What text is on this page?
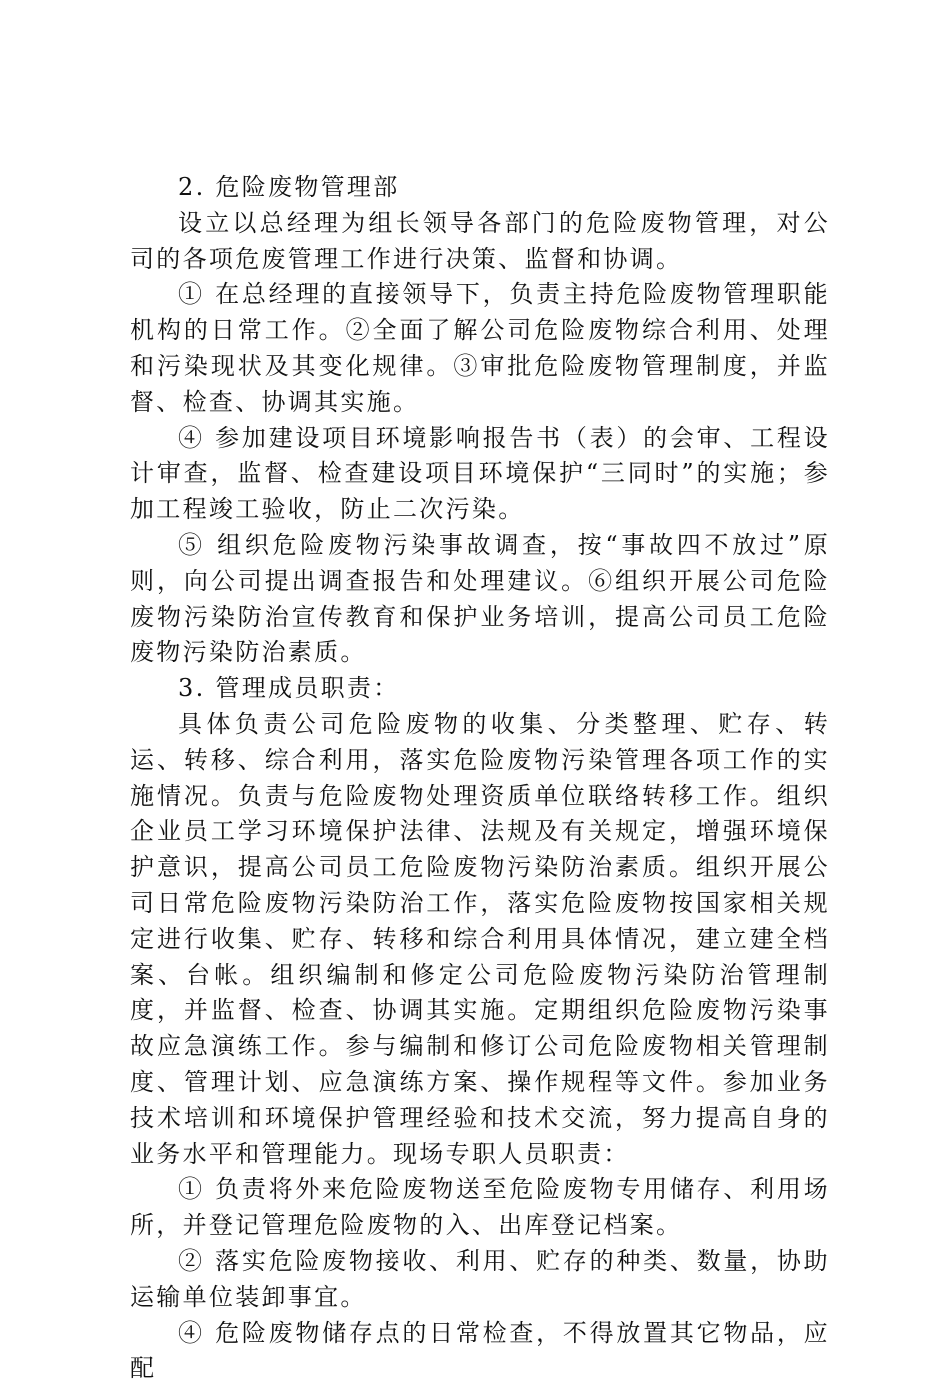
2. 危险废物管理部

设立以总经理为组长领导各部门的危险废物管理，对公司的各项危废管理工作进行决策、监督和协调。

① 在总经理的直接领导下，负责主持危险废物管理职能机构的日常工作。②全面了解公司危险废物综合利用、处理和污染现状及其变化规律。③审批危险废物管理制度，并监督、检查、协调其实施。

④ 参加建设项目环境影响报告书（表）的会审、工程设计审查，监督、检查建设项目环境保护“三同时”的实施；参加工程竣工验收，防止二次污染。

⑤ 组织危险废物污染事故调查，按“事故四不放过”原则，向公司提出调查报告和处理建议。⑥组织开展公司危险废物污染防治宣传教育和保护业务培训，提高公司员工危险废物污染防治素质。

3. 管理成员职责：

具体负责公司危险废物的收集、分类整理、贮存、转运、转移、综合利用，落实危险废物污染管理各项工作的实施情况。负责与危险废物处理资质单位联络转移工作。组织企业员工学习环境保护法律、法规及有关规定，增强环境保护意识，提高公司员工危险废物污染防治素质。组织开展公司日常危险废物污染防治工作，落实危险废物按国家相关规定进行收集、贮存、转移和综合利用具体情况，建立建全档案、台帐。组织编制和修定公司危险废物污染防治管理制度，并监督、检查、协调其实施。定期组织危险废物污染事故应急演练工作。参与编制和修订公司危险废物相关管理制度、管理计划、应急演练方案、操作规程等文件。参加业务技术培训和环境保护管理经验和技术交流，努力提高自身的业务水平和管理能力。现场专职人员职责：

① 负责将外来危险废物送至危险废物专用储存、利用场所，并登记管理危险废物的入、出库登记档案。

② 落实危险废物接收、利用、贮存的种类、数量，协助运输单位装卸事宜。

④ 危险废物储存点的日常检查，不得放置其它物品，应配
